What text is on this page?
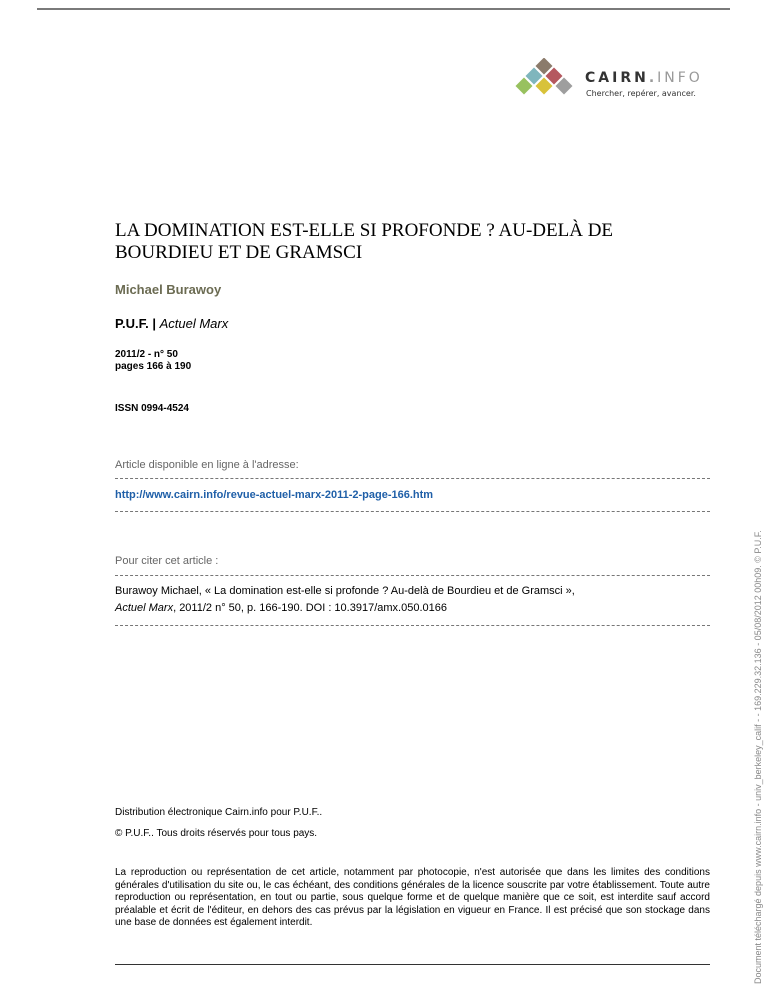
CAIRN.INFO
Chercher, repérer, avancer.
LA DOMINATION EST-ELLE SI PROFONDE ? AU-DELÀ DE BOURDIEU ET DE GRAMSCI
Michael Burawoy
P.U.F. | Actuel Marx
2011/2 - n° 50
pages 166 à 190
ISSN 0994-4524
Article disponible en ligne à l'adresse:
http://www.cairn.info/revue-actuel-marx-2011-2-page-166.htm
Pour citer cet article :
Burawoy Michael, « La domination est-elle si profonde ? Au-delà de Bourdieu et de Gramsci »,
Actuel Marx, 2011/2 n° 50, p. 166-190. DOI : 10.3917/amx.050.0166
Distribution électronique Cairn.info pour P.U.F..
© P.U.F.. Tous droits réservés pour tous pays.

La reproduction ou représentation de cet article, notamment par photocopie, n'est autorisée que dans les limites des conditions générales d'utilisation du site ou, le cas échéant, des conditions générales de la licence souscrite par votre établissement. Toute autre reproduction ou représentation, en tout ou partie, sous quelque forme et de quelque manière que ce soit, est interdite sauf accord préalable et écrit de l'éditeur, en dehors des cas prévus par la législation en vigueur en France. Il est précisé que son stockage dans une base de données est également interdit.	Document téléchargé depuis www.cairn.info - univ_berkeley_calif - - 169.229.32.136 - 05/08/2012 00h09. © P.U.F.
